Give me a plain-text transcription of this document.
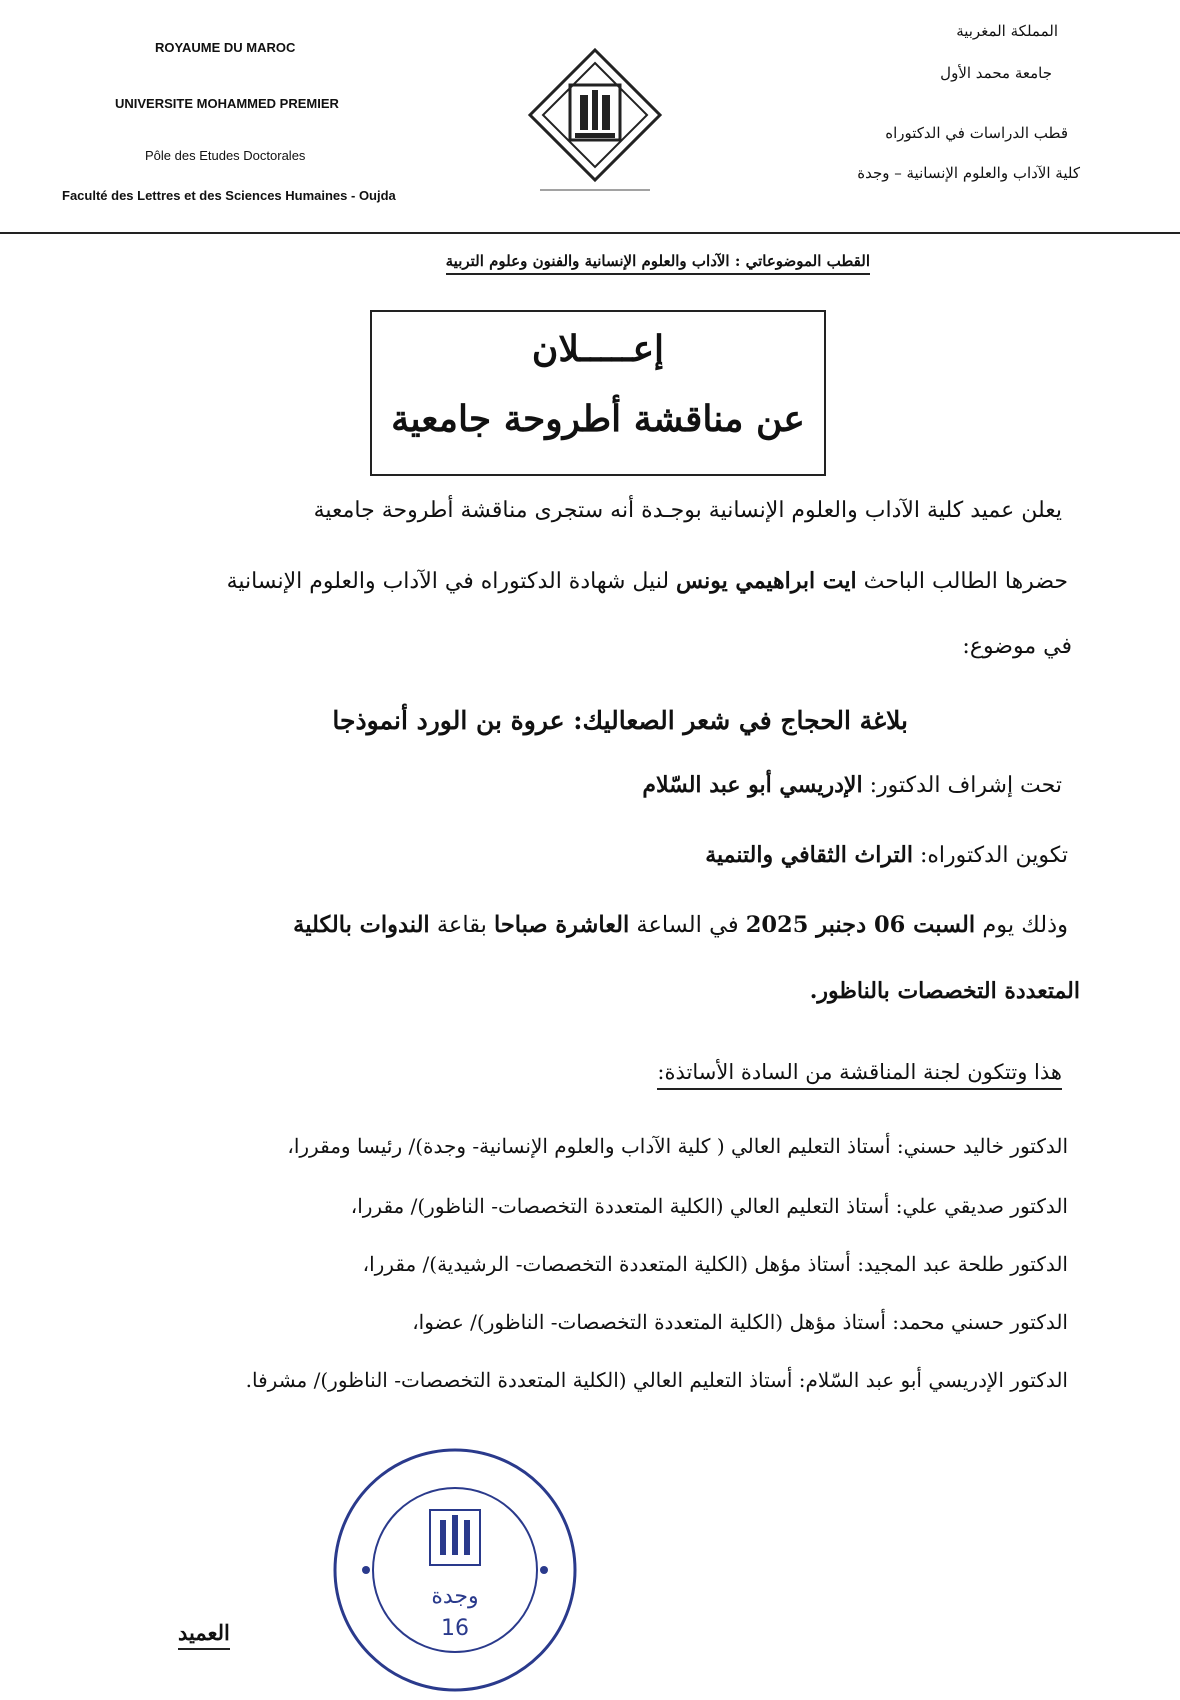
ROYAUME DU MAROC
UNIVERSITE MOHAMMED PREMIER
Pôle des Etudes Doctorales
Faculté des Lettres et des Sciences Humaines - Oujda
المملكة المغربية
جامعة محمد الأول
قطب الدراسات في الدكتوراه
كلية الآداب والعلوم الإنسانية – وجدة
القطب الموضوعاتي : الآداب والعلوم الإنسانية والفنون وعلوم التربية
إعـــــلان
عن مناقشة أطروحة جامعية
يعلن عميد كلية الآداب والعلوم الإنسانية بوجـدة أنه ستجرى مناقشة أطروحة جامعية
حضرها الطالب الباحث ايت ابراهيمي يونس لنيل شهادة الدكتوراه في الآداب والعلوم الإنسانية
في موضوع:
بلاغة الحجاج في شعر الصعاليك: عروة بن الورد أنموذجا
تحت إشراف الدكتور: الإدريسي أبو عبد السّلام
تكوين الدكتوراه: التراث الثقافي والتنمية
وذلك يوم السبت 06 دجنبر 2025 في الساعة العاشرة صباحا بقاعة الندوات بالكلية
المتعددة التخصصات بالناظور.
هذا وتتكون لجنة المناقشة من السادة الأساتذة:
الدكتور خاليد حسني: أستاذ التعليم العالي ( كلية الآداب والعلوم الإنسانية- وجدة)/ رئيسا ومقررا،
الدكتور صديقي علي: أستاذ التعليم العالي (الكلية المتعددة التخصصات- الناظور)/ مقررا،
الدكتور طلحة عبد المجيد: أستاذ مؤهل (الكلية المتعددة التخصصات- الرشيدية)/ مقررا،
الدكتور حسني محمد: أستاذ مؤهل (الكلية المتعددة التخصصات- الناظور)/ عضوا،
الدكتور الإدريسي أبو عبد السّلام: أستاذ التعليم العالي (الكلية المتعددة التخصصات- الناظور)/ مشرفا.
وجدة
16
العميد
